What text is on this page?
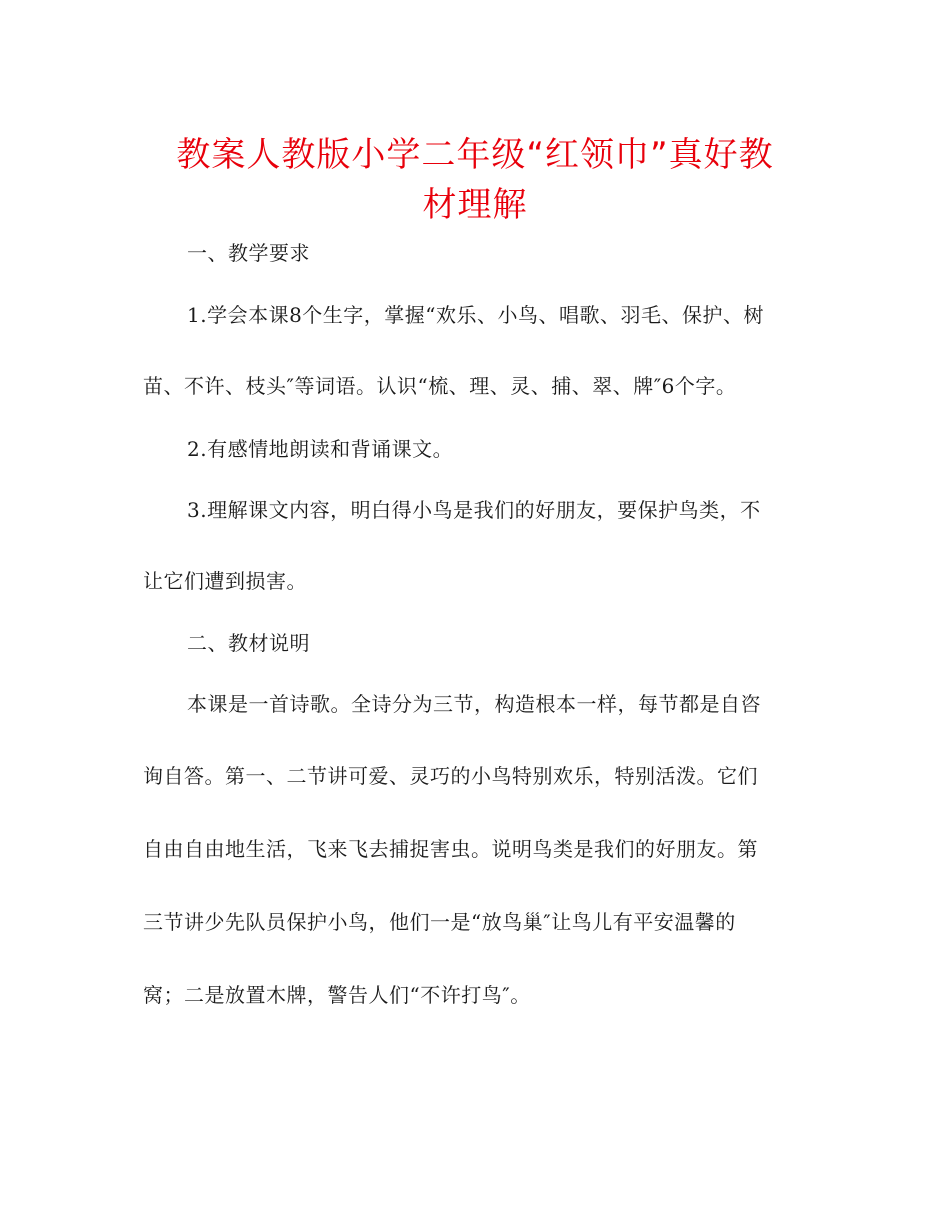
教案人教版小学二年级“红领巾”真好教
材理解
一、教学要求
1.学会本课8个生字，掌握“欢乐、小鸟、唱歌、羽毛、保护、树
苗、不许、枝头″等词语。认识“梳、理、灵、捕、翠、牌″6个字。
2.有感情地朗读和背诵课文。
3.理解课文内容，明白得小鸟是我们的好朋友，要保护鸟类，不
让它们遭到损害。
二、教材说明
本课是一首诗歌。全诗分为三节，构造根本一样，每节都是自咨
询自答。第一、二节讲可爱、灵巧的小鸟特别欢乐，特别活泼。它们
自由自由地生活，飞来飞去捕捉害虫。说明鸟类是我们的好朋友。第
三节讲少先队员保护小鸟，他们一是“放鸟巢″让鸟儿有平安温馨的
窝；二是放置木牌，警告人们“不许打鸟″。
